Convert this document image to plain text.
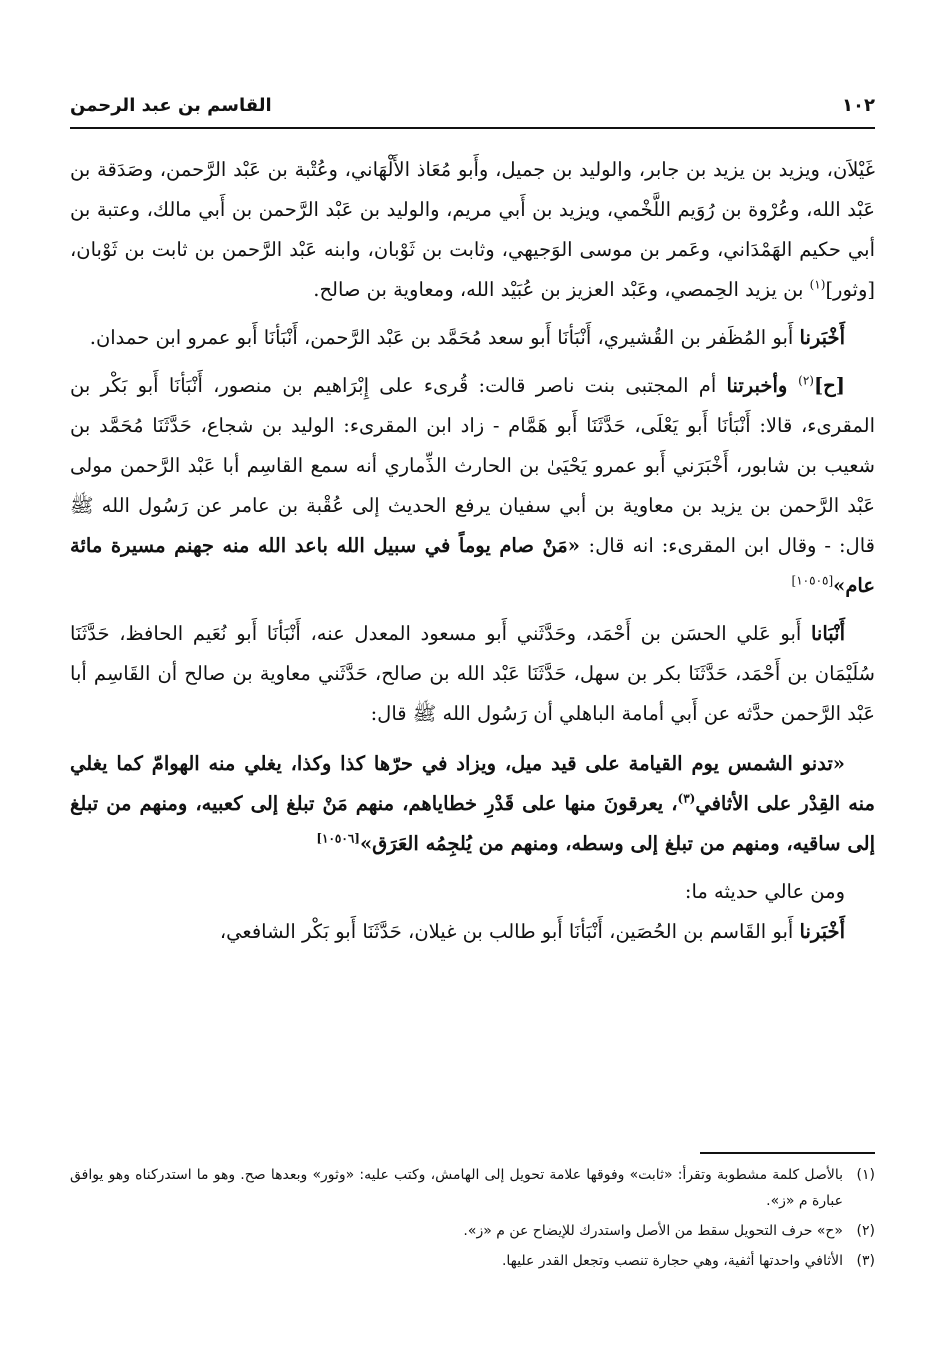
١٠٢
القاسم بن عبد الرحمن

غَيْلاَن، ويزيد بن يزيد بن جابر، والوليد بن جميل، وأَبو مُعَاذ الأَلْهَاني، وعُتْبة بن عَبْد الرَّحمن، وصَدَقة بن عَبْد الله، وعُرْوة بن رُوَيم اللَّخْمي، ويزيد بن أَبي مريم، والوليد بن عَبْد الرَّحمن بن أَبي مالك، وعتبة بن أبي حكيم الهَمْدَاني، وعَمر بن موسى الوَجيهي، وثابت بن ثَوْبان، وابنه عَبْد الرَّحمن بن ثابت بن ثَوْبان، [وثور]$^{(١)}$ بن يزيد الحِمصي، وعَبْد العزيز بن عُبَيْد الله، ومعاوية بن صالح.

أَخْبَرنا أَبو المُظَفر بن القُشيري، أَنْبَأنَا أَبو سعد مُحَمَّد بن عَبْد الرَّحمن، أَنْبَأنَا أَبو عمرو ابن حمدان.

[ح]$^{(٢)}$ وأخبرتنا أم المجتبى بنت ناصر قالت: قُرىء على إِبْرَاهيم بن منصور، أَنْبَأنَا أَبو بَكْر بن المقرىء، قالا: أَنْبَأنَا أَبو يَعْلَى، حَدَّثَنَا أَبو هَمَّام - زاد ابن المقرىء: الوليد بن شجاع، حَدَّثَنَا مُحَمَّد بن شعيب بن شابور، أَخْبَرَني أَبو عمرو يَحْيَىٰ بن الحارث الذِّماري أنه سمع القاسِم أبا عَبْد الرَّحمن مولى عَبْد الرَّحمن بن يزيد بن معاوية بن أبي سفيان يرفع الحديث إلى عُقْبة بن عامر عن رَسُول الله ﷺ قال: - وقال ابن المقرىء: انه قال: «مَنْ صام يوماً في سبيل الله باعد الله منه جهنم مسيرة مائة عام»[١٠٥٠٥]

أَنْبَانا أَبو عَلي الحسَن بن أَحْمَد، وحَدَّثَني أَبو مسعود المعدل عنه، أَنْبَأنَا أَبو نُعَيم الحافظ، حَدَّثَنَا سُلَيْمَان بن أَحْمَد، حَدَّثَنَا بكر بن سهل، حَدَّثَنَا عَبْد الله بن صالح، حَدَّثَني معاوية بن صالح أن القَاسِم أبا عَبْد الرَّحمن حدَّثه عن أَبي أمامة الباهلي أن رَسُول الله ﷺ قال:

«تدنو الشمس يوم القيامة على قيد ميل، ويزاد في حرّها كذا وكذا، يغلي منه الهوامّ كما يغلي منه القِدْر على الأثافي$^{(٣)}$، يعرقونَ منها على قَدْرِ خطاياهم، منهم مَنْ تبلغ إلى كعبيه، ومنهم من تبلغ إلى ساقيه، ومنهم من تبلغ إلى وسطه، ومنهم من يُلجِمُه العَرَق»[١٠٥٠٦]

ومن عالي حديثه ما:

أَخْبَرنا أَبو القَاسم بن الحُصَين، أَنْبَأنَا أَبو طالب بن غيلان، حَدَّثَنَا أَبو بَكْر الشافعي،

(١)
بالأصل كلمة مشطوبة وتقرأ: «ثابت» وفوقها علامة تحويل إلى الهامش، وكتب عليه: «وثور» وبعدها صح. وهو ما استدركناه وهو يوافق عبارة م «ز».
(٢)
«ح» حرف التحويل سقط من الأصل واستدرك للإيضاح عن م «ز».
(٣)
الأثافي واحدتها أثفية، وهي حجارة تنصب وتجعل القدر عليها.
